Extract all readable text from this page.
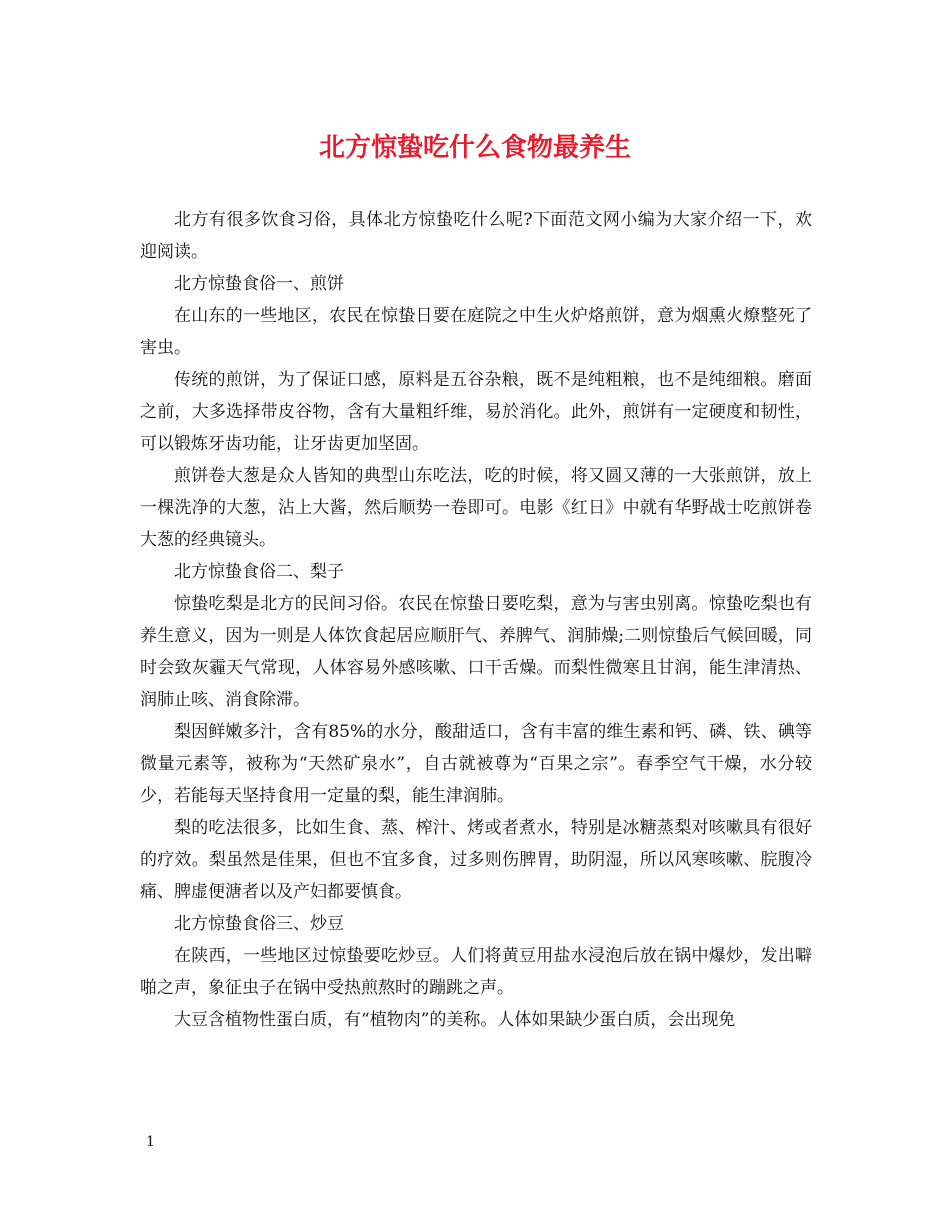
北方惊蛰吃什么食物最养生

北方有很多饮食习俗，具体北方惊蛰吃什么呢?下面范文网小编为大家介绍一下，欢迎阅读。

北方惊蛰食俗一、煎饼

在山东的一些地区，农民在惊蛰日要在庭院之中生火炉烙煎饼，意为烟熏火燎整死了害虫。

传统的煎饼，为了保证口感，原料是五谷杂粮，既不是纯粗粮，也不是纯细粮。磨面之前，大多选择带皮谷物，含有大量粗纤维，易於消化。此外，煎饼有一定硬度和韧性，可以锻炼牙齿功能，让牙齿更加坚固。

煎饼卷大葱是众人皆知的典型山东吃法，吃的时候，将又圆又薄的一大张煎饼，放上一棵洗净的大葱，沾上大酱，然后顺势一卷即可。电影《红日》中就有华野战士吃煎饼卷大葱的经典镜头。

北方惊蛰食俗二、梨子

惊蛰吃梨是北方的民间习俗。农民在惊蛰日要吃梨，意为与害虫别离。惊蛰吃梨也有养生意义，因为一则是人体饮食起居应顺肝气、养脾气、润肺燥;二则惊蛰后气候回暖，同时会致灰霾天气常现，人体容易外感咳嗽、口干舌燥。而梨性微寒且甘润，能生津清热、润肺止咳、消食除滞。

梨因鲜嫩多汁，含有85%的水分，酸甜适口，含有丰富的维生素和钙、磷、铁、碘等微量元素等，被称为“天然矿泉水”，自古就被尊为“百果之宗”。春季空气干燥，水分较少，若能每天坚持食用一定量的梨，能生津润肺。

梨的吃法很多，比如生食、蒸、榨汁、烤或者煮水，特别是冰糖蒸梨对咳嗽具有很好的疗效。梨虽然是佳果，但也不宜多食，过多则伤脾胃，助阴湿，所以风寒咳嗽、脘腹冷痛、脾虚便溏者以及产妇都要慎食。

北方惊蛰食俗三、炒豆

在陕西，一些地区过惊蛰要吃炒豆。人们将黄豆用盐水浸泡后放在锅中爆炒，发出噼啪之声，象征虫子在锅中受热煎熬时的蹦跳之声。

大豆含植物性蛋白质，有“植物肉”的美称。人体如果缺少蛋白质，会出现免

1
